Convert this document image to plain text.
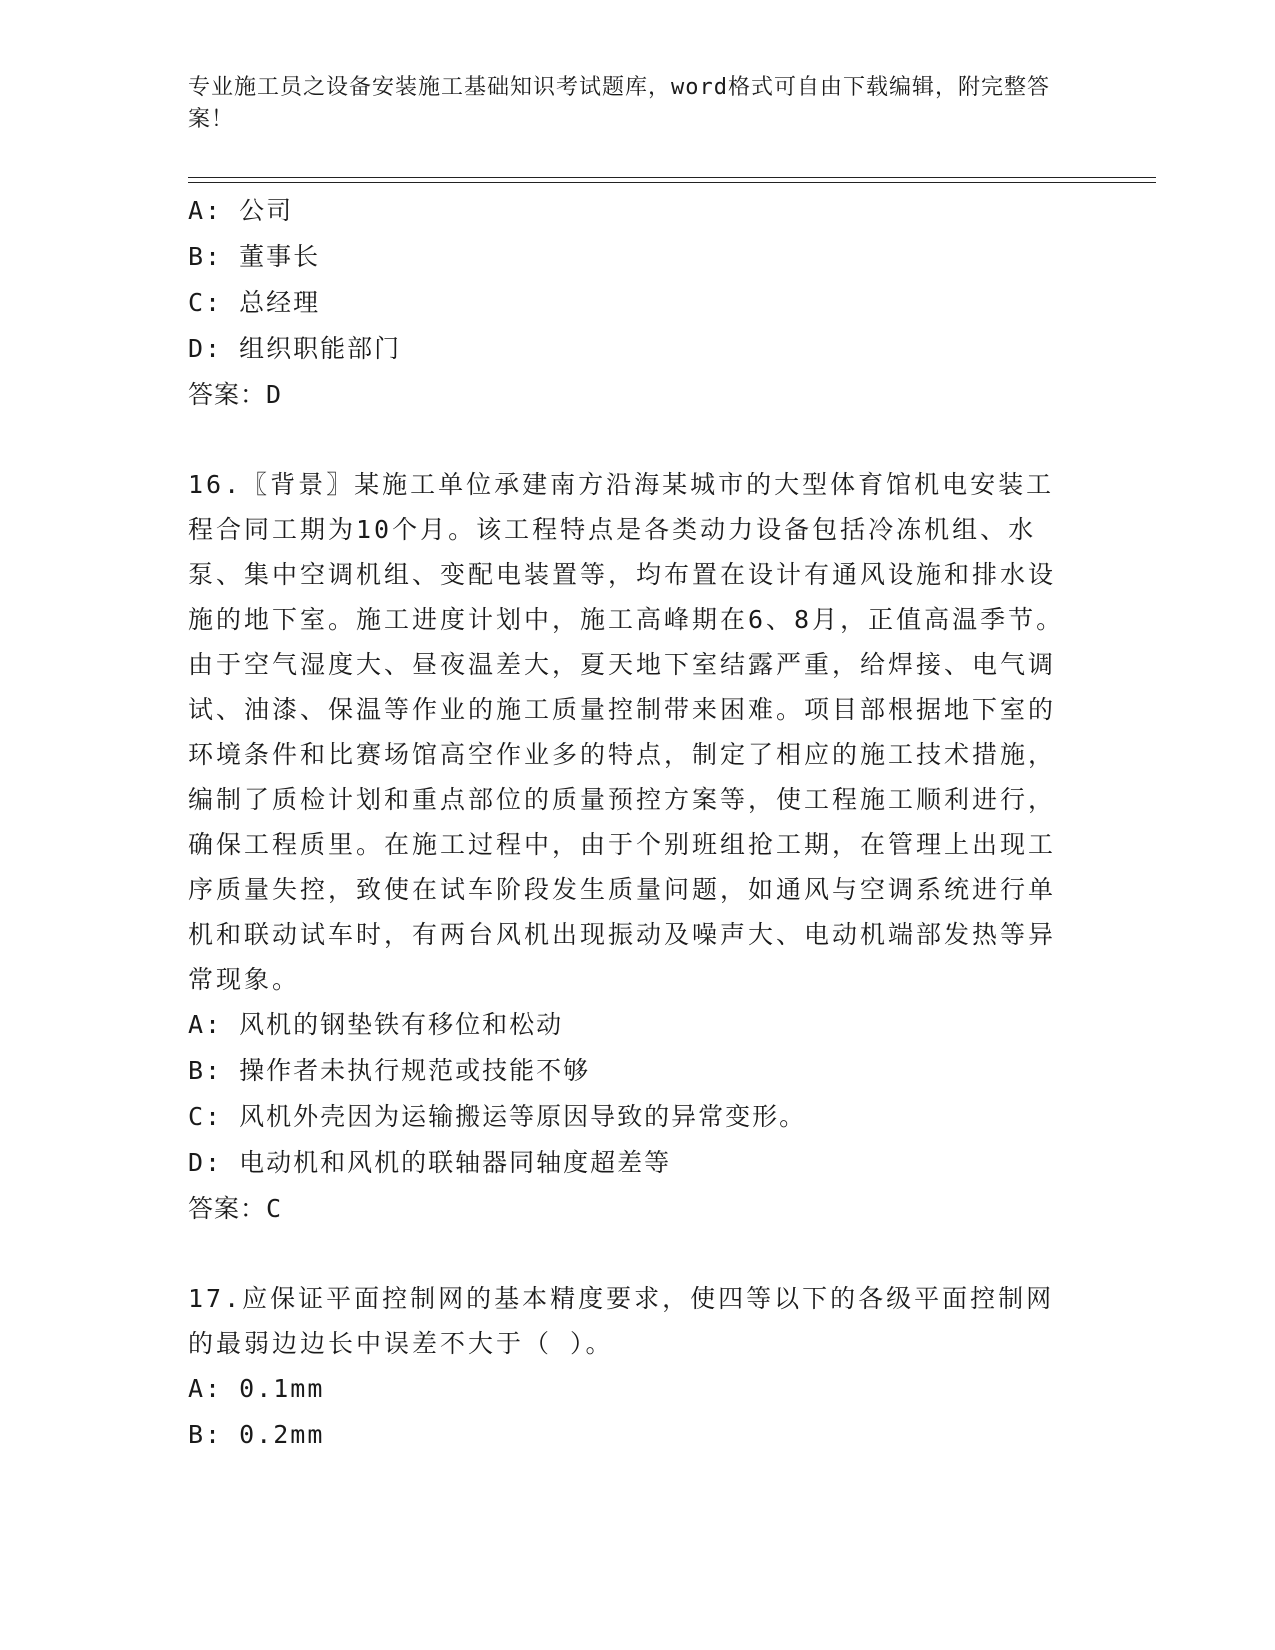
专业施工员之设备安装施工基础知识考试题库，word格式可自由下载编辑，附完整答案！
A: 公司
B: 董事长
C: 总经理
D: 组织职能部门
答案：D
16.〖背景〗某施工单位承建南方沿海某城市的大型体育馆机电安装工程合同工期为10个月。该工程特点是各类动力设备包括冷冻机组、水泵、集中空调机组、变配电装置等，均布置在设计有通风设施和排水设施的地下室。施工进度计划中，施工高峰期在6、8月，正值高温季节。由于空气湿度大、昼夜温差大，夏天地下室结露严重，给焊接、电气调试、油漆、保温等作业的施工质量控制带来困难。项目部根据地下室的环境条件和比赛场馆高空作业多的特点，制定了相应的施工技术措施，编制了质检计划和重点部位的质量预控方案等，使工程施工顺利进行，确保工程质里。在施工过程中，由于个别班组抢工期，在管理上出现工序质量失控，致使在试车阶段发生质量问题，如通风与空调系统进行单机和联动试车时，有两台风机出现振动及噪声大、电动机端部发热等异常现象。
A: 风机的钢垫铁有移位和松动
B: 操作者未执行规范或技能不够
C: 风机外壳因为运输搬运等原因导致的异常变形。
D: 电动机和风机的联轴器同轴度超差等
答案：C
17.应保证平面控制网的基本精度要求，使四等以下的各级平面控制网的最弱边边长中误差不大于（ ）。
A: 0.1mm
B: 0.2mm
